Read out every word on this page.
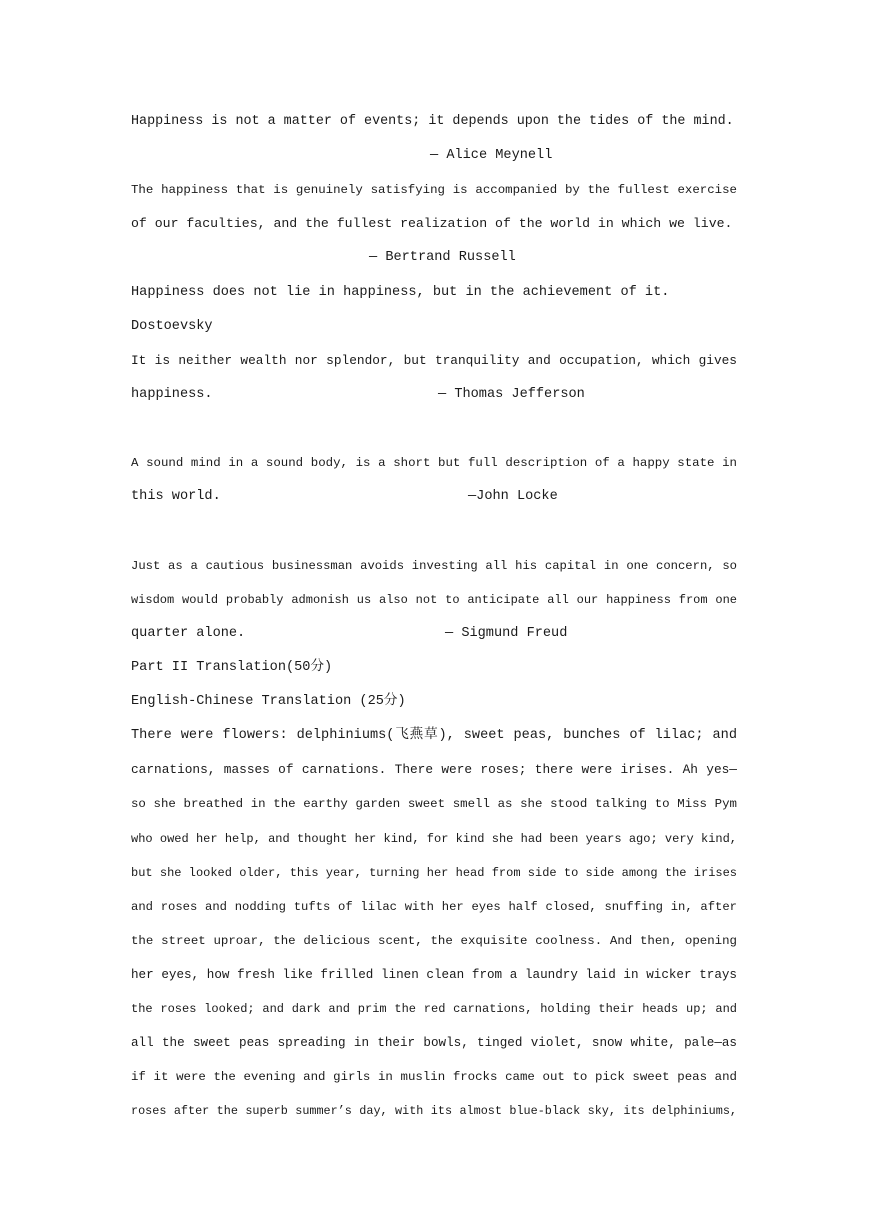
Happiness is not a matter of events; it depends upon the tides of the mind.
— Alice Meynell
The happiness that is genuinely satisfying is accompanied by the fullest exercise
of our faculties, and the fullest realization of the world in which we live.
— Bertrand Russell
Happiness does not lie in happiness, but in the achievement of it.
Dostoevsky
It is neither wealth nor splendor, but tranquility and occupation, which gives
happiness.	— Thomas Jefferson
A sound mind in a sound body, is a short but full description of a happy state in
this world.	—John Locke
Just as a cautious businessman avoids investing all his capital in one concern, so
wisdom would probably admonish us also not to anticipate all our happiness from one
quarter alone.	— Sigmund Freud
Part II Translation(50分)
English-Chinese Translation (25分)
There were flowers: delphiniums(飞燕草), sweet peas, bunches of lilac; and
carnations, masses of carnations. There were roses; there were irises. Ah yes—
so she breathed in the earthy garden sweet smell as she stood talking to Miss Pym
who owed her help, and thought her kind, for kind she had been years ago; very kind,
but she looked older, this year, turning her head from side to side among the irises
and roses and nodding tufts of lilac with her eyes half closed, snuffing in, after
the street uproar, the delicious scent, the exquisite coolness. And then, opening
her eyes, how fresh like frilled linen clean from a laundry laid in wicker trays
the roses looked; and dark and prim the red carnations, holding their heads up; and
all the sweet peas spreading in their bowls, tinged violet, snow white, pale—as
if it were the evening and girls in muslin frocks came out to pick sweet peas and
roses after the superb summer’s day, with its almost blue-black sky, its delphiniums,
